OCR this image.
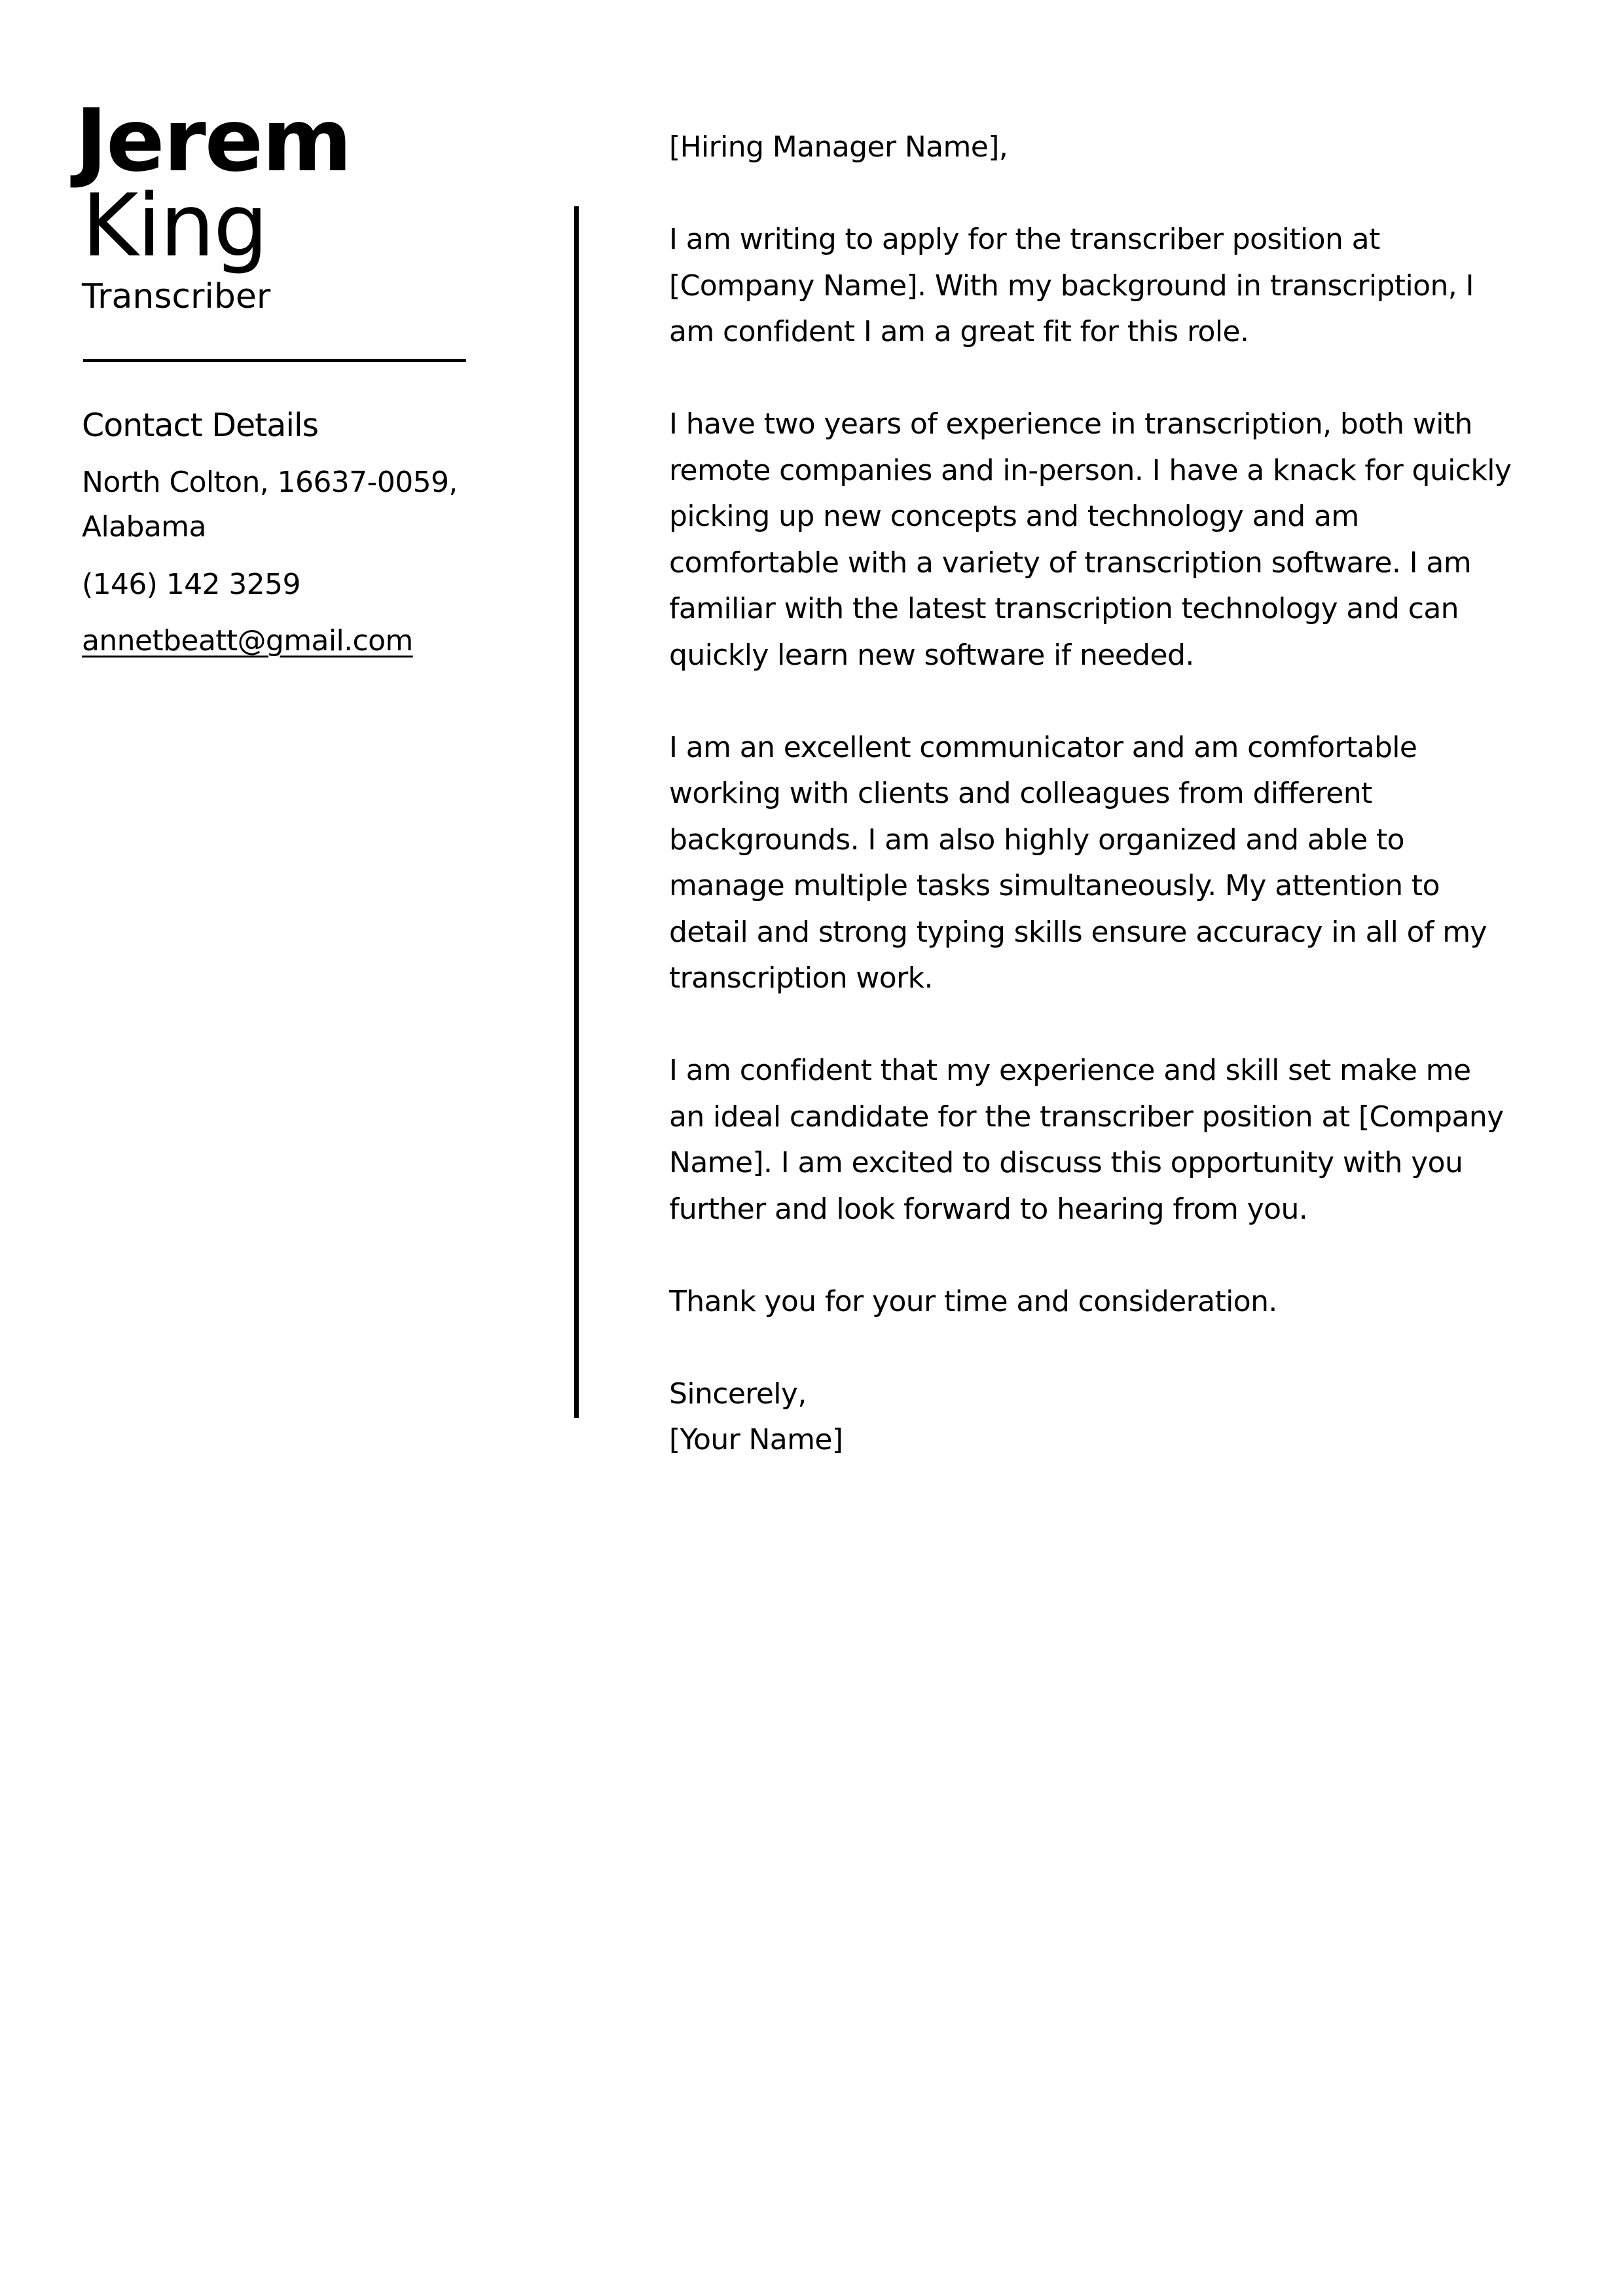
Jerem
King
Transcriber
Contact Details
North Colton, 16637-0059, Alabama
(146) 142 3259
annetbeatt@gmail.com

[Hiring Manager Name],

I am writing to apply for the transcriber position at [Company Name]. With my background in transcription, I am confident I am a great fit for this role.

I have two years of experience in transcription, both with remote companies and in-person. I have a knack for quickly picking up new concepts and technology and am comfortable with a variety of transcription software. I am familiar with the latest transcription technology and can quickly learn new software if needed.

I am an excellent communicator and am comfortable working with clients and colleagues from different backgrounds. I am also highly organized and able to manage multiple tasks simultaneously. My attention to detail and strong typing skills ensure accuracy in all of my transcription work.

I am confident that my experience and skill set make me an ideal candidate for the transcriber position at [Company Name]. I am excited to discuss this opportunity with you further and look forward to hearing from you.

Thank you for your time and consideration.

Sincerely,

[Your Name]
